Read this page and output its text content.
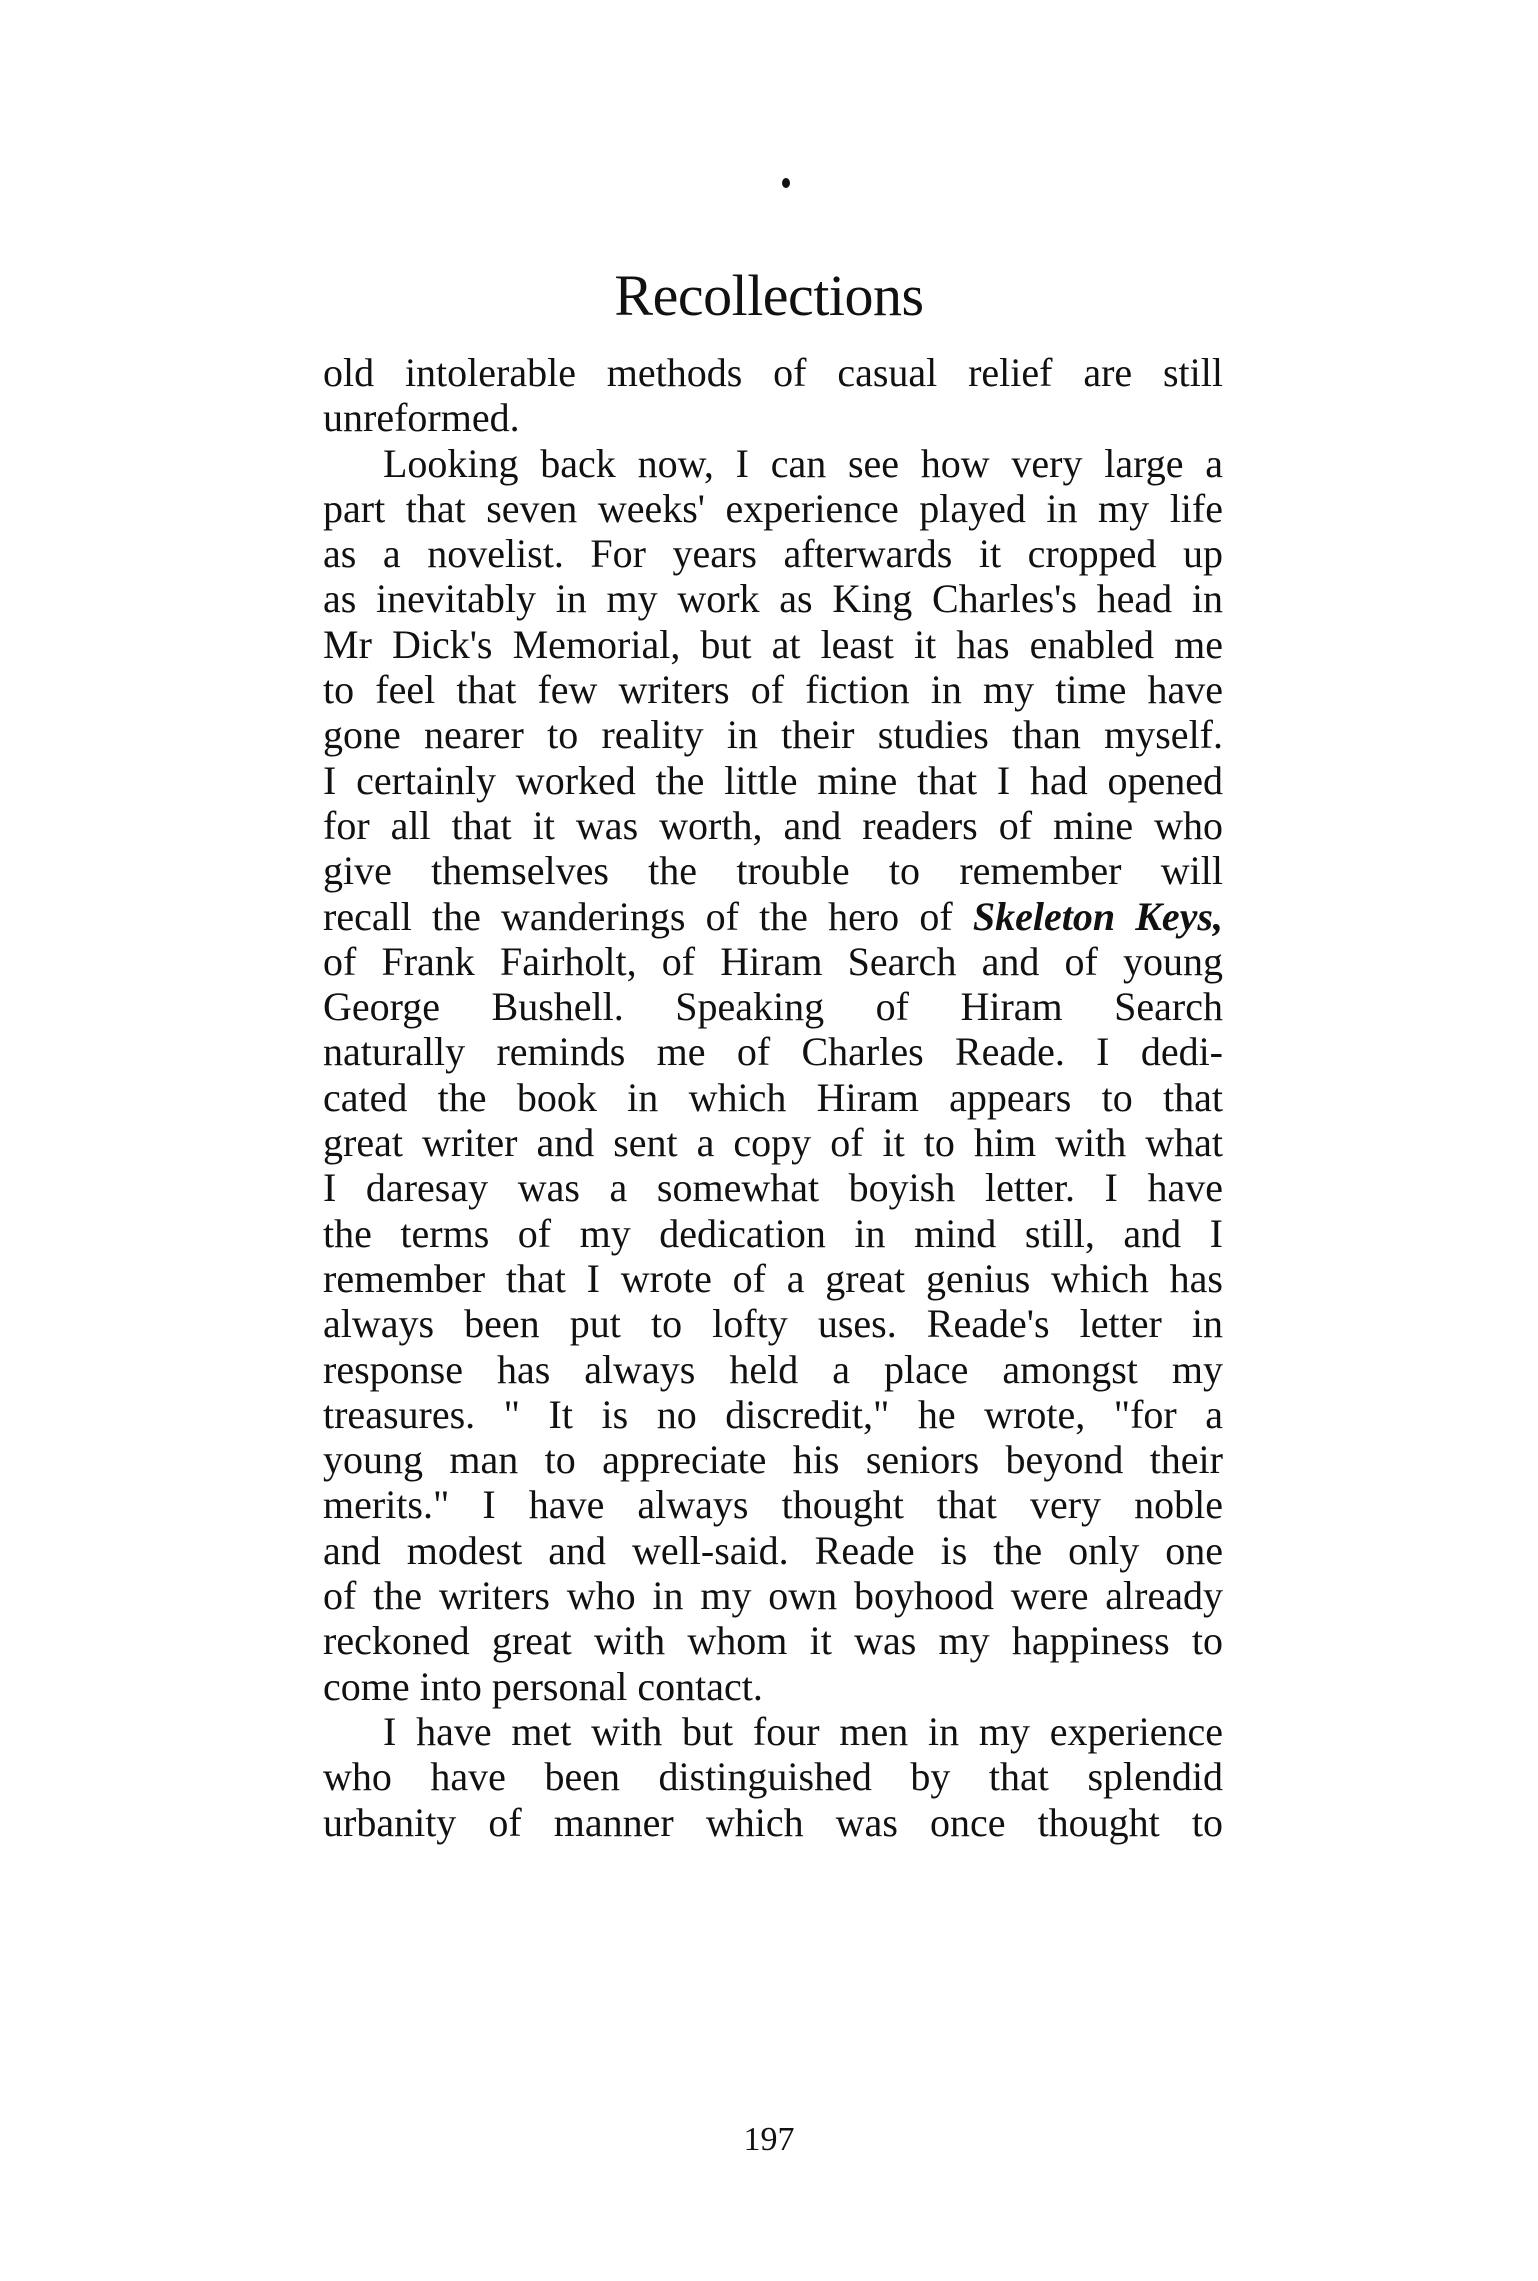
Recollections
old intolerable methods of casual relief are still
unreformed.
Looking back now, I can see how very large a
part that seven weeks' experience played in my life
as a novelist. For years afterwards it cropped up
as inevitably in my work as King Charles's head in
Mr Dick's Memorial, but at least it has enabled me
to feel that few writers of fiction in my time have
gone nearer to reality in their studies than myself.
I certainly worked the little mine that I had opened
for all that it was worth, and readers of mine who
give themselves the trouble to remember will
recall the wanderings of the hero of Skeleton Keys,
of Frank Fairholt, of Hiram Search and of young
George Bushell. Speaking of Hiram Search
naturally reminds me of Charles Reade. I dedi-
cated the book in which Hiram appears to that
great writer and sent a copy of it to him with what
I daresay was a somewhat boyish letter. I have
the terms of my dedication in mind still, and I
remember that I wrote of a great genius which has
always been put to lofty uses. Reade's letter in
response has always held a place amongst my
treasures. " It is no discredit," he wrote, "for a
young man to appreciate his seniors beyond their
merits." I have always thought that very noble
and modest and well-said. Reade is the only one
of the writers who in my own boyhood were already
reckoned great with whom it was my happiness to
come into personal contact.
I have met with but four men in my experience
who have been distinguished by that splendid
urbanity of manner which was once thought to
197
